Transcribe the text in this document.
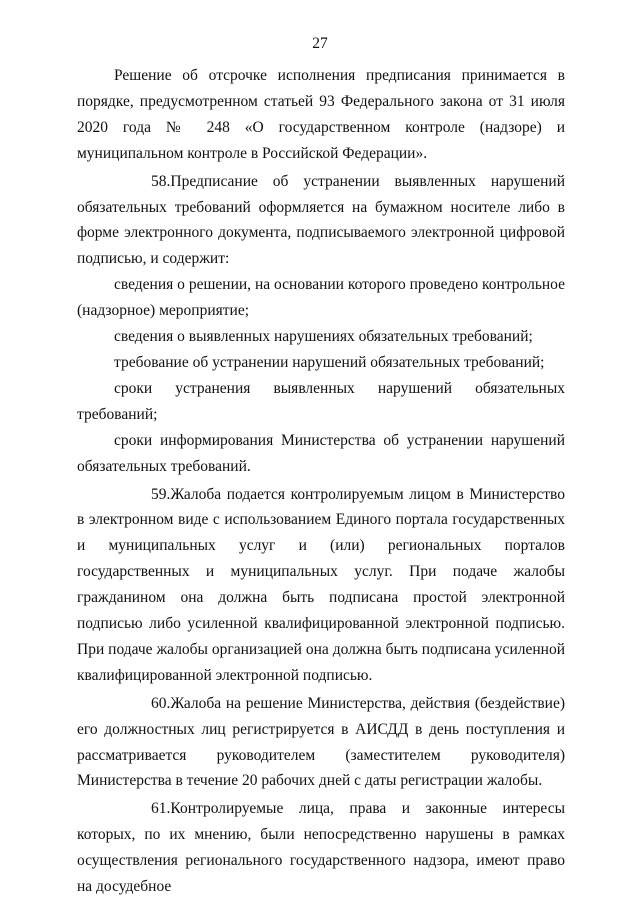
27

Решение об отсрочке исполнения предписания принимается в порядке, предусмотренном статьей 93 Федерального закона от 31 июля 2020 года № 248 «О государственном контроле (надзоре) и муниципальном контроле в Российской Федерации».

58.Предписание об устранении выявленных нарушений обязательных требований оформляется на бумажном носителе либо в форме электронного документа, подписываемого электронной цифровой подписью, и содержит:

сведения о решении, на основании которого проведено контрольное (надзорное) мероприятие;

сведения о выявленных нарушениях обязательных требований;

требование об устранении нарушений обязательных требований;

сроки устранения выявленных нарушений обязательных требований;

сроки информирования Министерства об устранении нарушений обязательных требований.

59.Жалоба подается контролируемым лицом в Министерство в электронном виде с использованием Единого портала государственных и муниципальных услуг и (или) региональных порталов государственных и муниципальных услуг. При подаче жалобы гражданином она должна быть подписана простой электронной подписью либо усиленной квалифицированной электронной подписью. При подаче жалобы организацией она должна быть подписана усиленной квалифицированной электронной подписью.

60.Жалоба на решение Министерства, действия (бездействие) его должностных лиц регистрируется в АИСДД в день поступления и рассматривается руководителем (заместителем руководителя) Министерства в течение 20 рабочих дней с даты регистрации жалобы.

61.Контролируемые лица, права и законные интересы которых, по их мнению, были непосредственно нарушены в рамках осуществления регионального государственного надзора, имеют право на досудебное
